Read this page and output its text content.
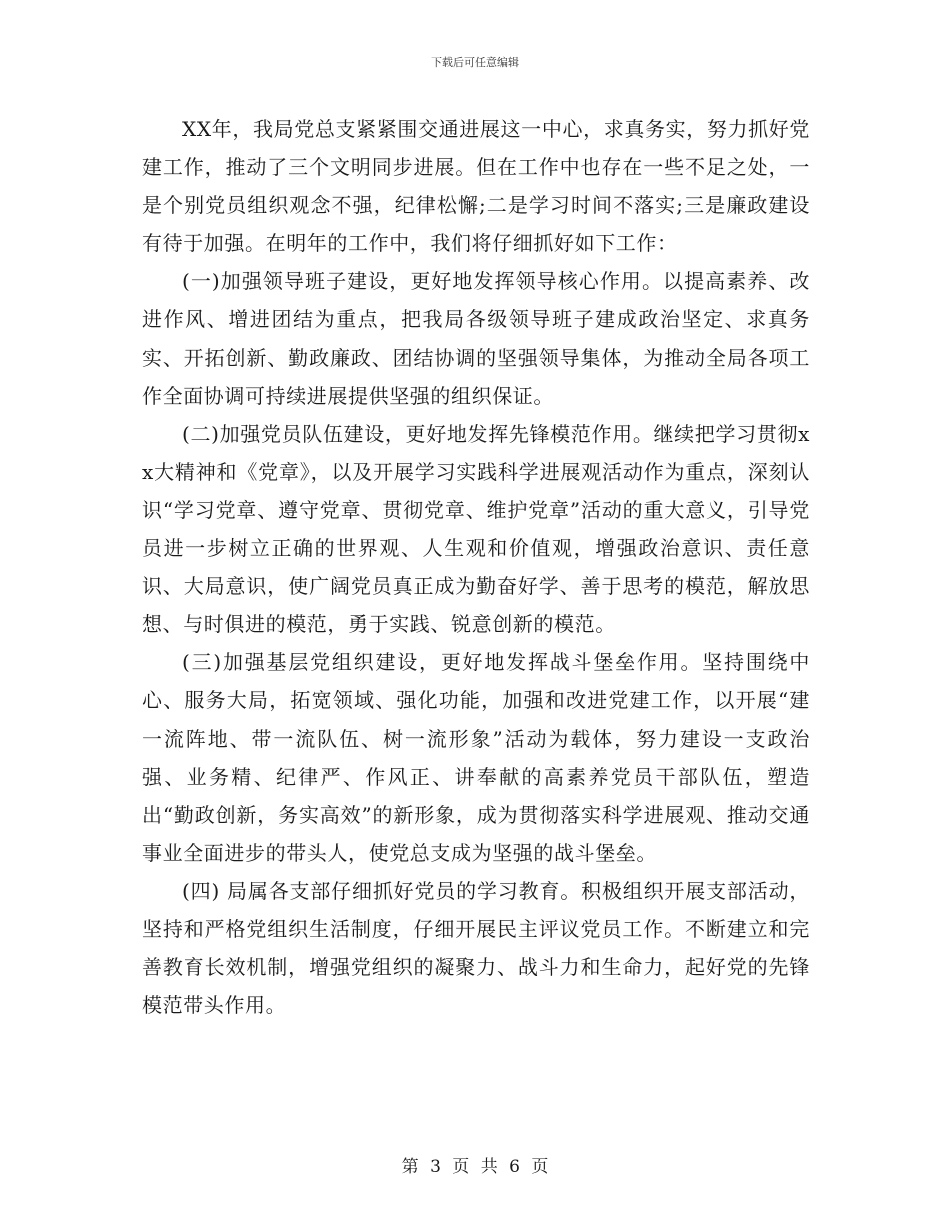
下载后可任意编辑

XX年，我局党总支紧紧围交通进展这一中心，求真务实，努力抓好党建工作，推动了三个文明同步进展。但在工作中也存在一些不足之处，一是个别党员组织观念不强，纪律松懈;二是学习时间不落实;三是廉政建设有待于加强。在明年的工作中，我们将仔细抓好如下工作：

(一)加强领导班子建设，更好地发挥领导核心作用。以提高素养、改进作风、增进团结为重点，把我局各级领导班子建成政治坚定、求真务实、开拓创新、勤政廉政、团结协调的坚强领导集体，为推动全局各项工作全面协调可持续进展提供坚强的组织保证。

(二)加强党员队伍建设，更好地发挥先锋模范作用。继续把学习贯彻xx大精神和《党章》，以及开展学习实践科学进展观活动作为重点，深刻认识“学习党章、遵守党章、贯彻党章、维护党章”活动的重大意义，引导党员进一步树立正确的世界观、人生观和价值观，增强政治意识、责任意识、大局意识，使广阔党员真正成为勤奋好学、善于思考的模范，解放思想、与时俱进的模范，勇于实践、锐意创新的模范。

(三)加强基层党组织建设，更好地发挥战斗堡垒作用。坚持围绕中心、服务大局，拓宽领域、强化功能，加强和改进党建工作，以开展“建一流阵地、带一流队伍、树一流形象”活动为载体，努力建设一支政治强、业务精、纪律严、作风正、讲奉献的高素养党员干部队伍，塑造出“勤政创新，务实高效”的新形象，成为贯彻落实科学进展观、推动交通事业全面进步的带头人，使党总支成为坚强的战斗堡垒。

(四) 局属各支部仔细抓好党员的学习教育。积极组织开展支部活动，坚持和严格党组织生活制度，仔细开展民主评议党员工作。不断建立和完善教育长效机制，增强党组织的凝聚力、战斗力和生命力，起好党的先锋模范带头作用。

第 3 页 共 6 页
